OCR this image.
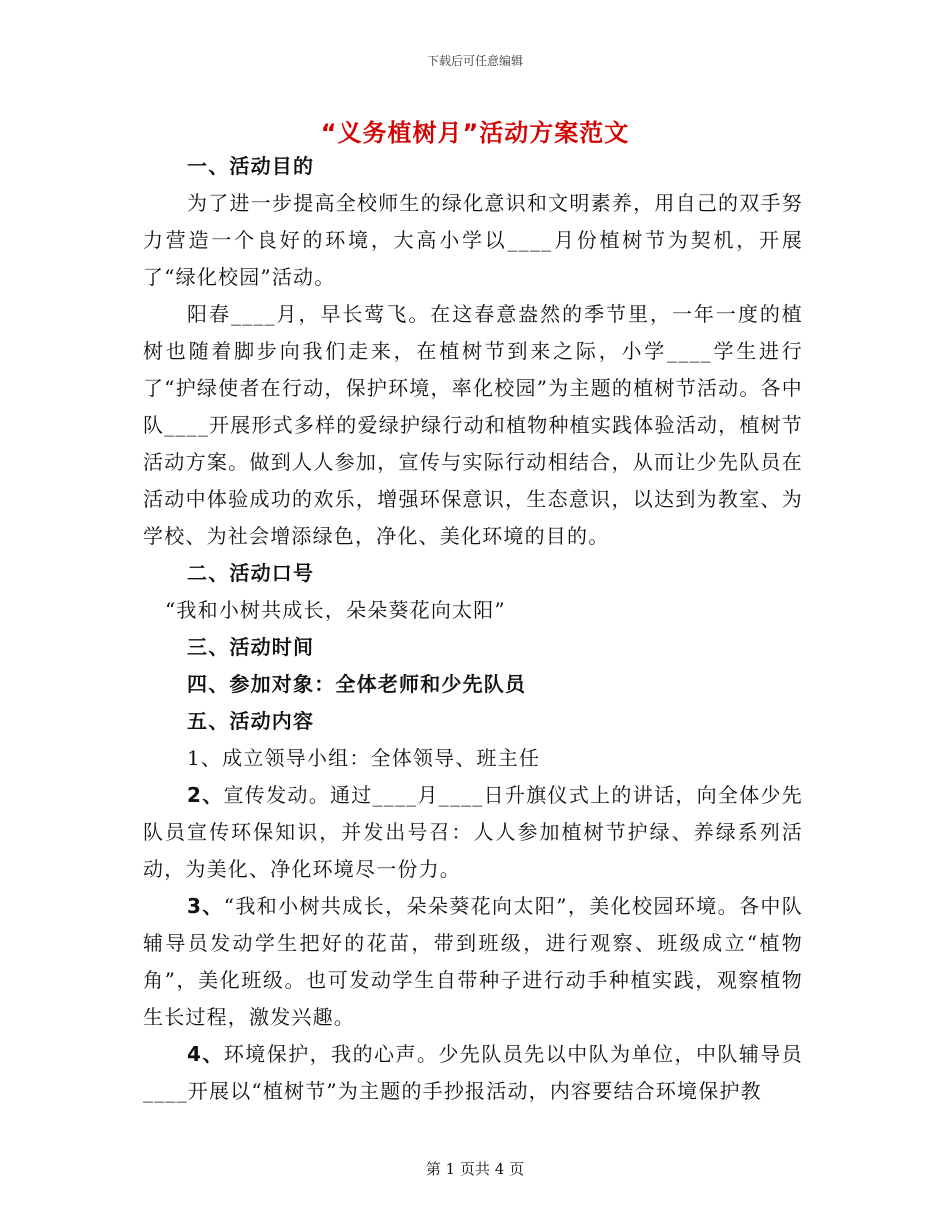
下载后可任意编辑
“义务植树月”活动方案范文

一、活动目的

为了进一步提高全校师生的绿化意识和文明素养，用自己的双手努力营造一个良好的环境，大高小学以____月份植树节为契机，开展了“绿化校园”活动。

阳春____月，早长莺飞。在这春意盎然的季节里，一年一度的植树也随着脚步向我们走来，在植树节到来之际，小学____学生进行了“护绿使者在行动，保护环境，率化校园”为主题的植树节活动。各中队____开展形式多样的爱绿护绿行动和植物种植实践体验活动，植树节活动方案。做到人人参加，宣传与实际行动相结合，从而让少先队员在活动中体验成功的欢乐，增强环保意识，生态意识，以达到为教室、为学校、为社会增添绿色，净化、美化环境的目的。

二、活动口号

“我和小树共成长，朵朵葵花向太阳”

三、活动时间

四、参加对象：全体老师和少先队员

五、活动内容

1、成立领导小组：全体领导、班主任

2、宣传发动。通过____月____日升旗仪式上的讲话，向全体少先队员宣传环保知识，并发出号召：人人参加植树节护绿、养绿系列活动，为美化、净化环境尽一份力。

3、“我和小树共成长，朵朵葵花向太阳”，美化校园环境。各中队辅导员发动学生把好的花苗，带到班级，进行观察、班级成立“植物角”，美化班级。也可发动学生自带种子进行动手种植实践，观察植物生长过程，激发兴趣。

4、环境保护，我的心声。少先队员先以中队为单位，中队辅导员____开展以“植树节”为主题的手抄报活动，内容要结合环境保护教

第 1 页共 4 页
